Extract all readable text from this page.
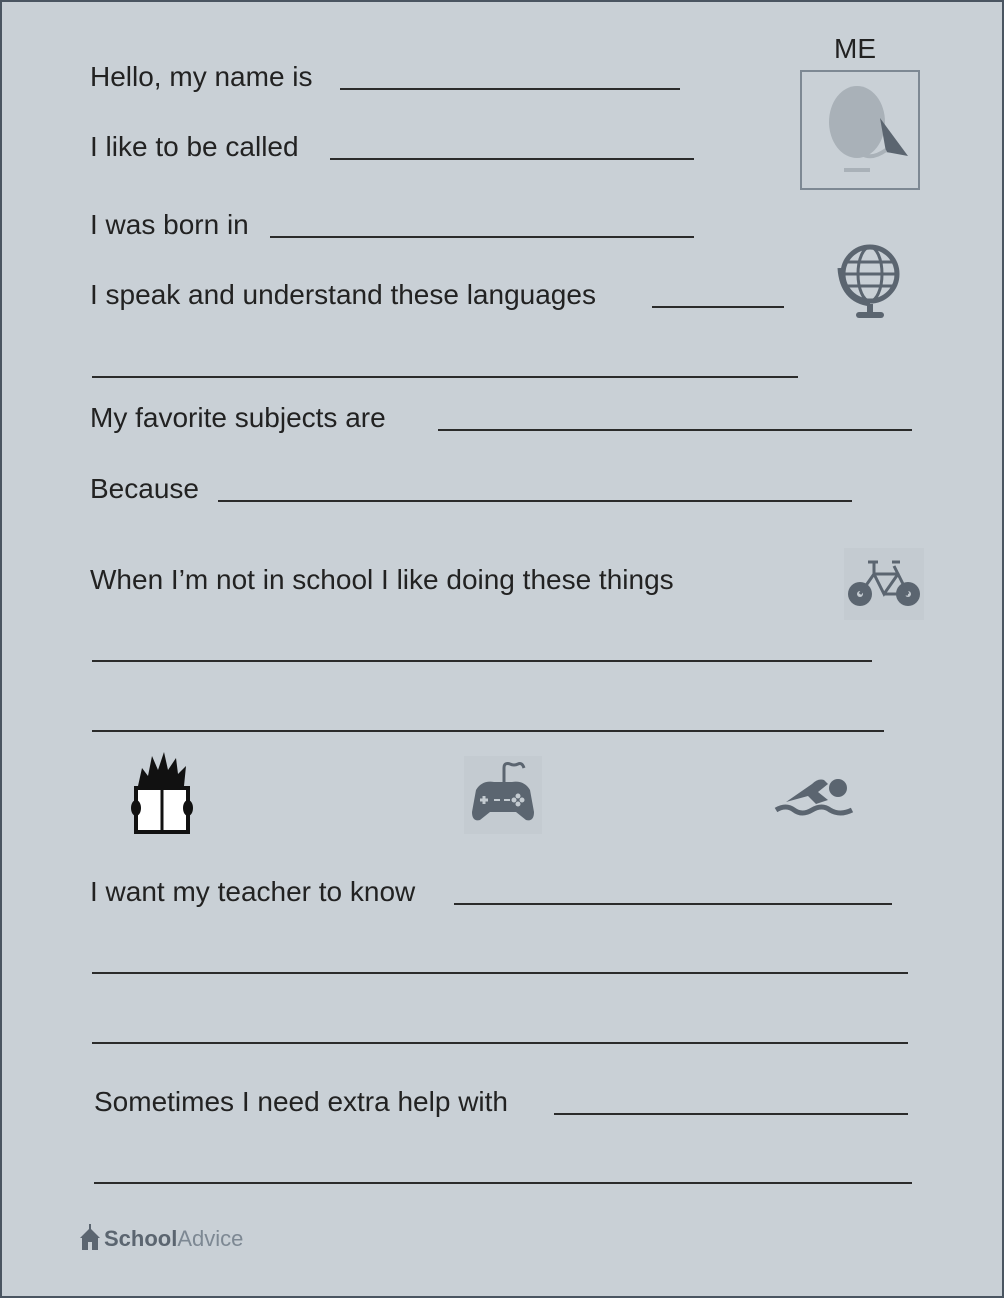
ME
Hello, my name is
I like to be called
I was born in
I speak and understand these languages
My favorite subjects are
Because
When I’m not in school I like doing these things
I want my teacher to know
Sometimes I need extra help with
SchoolAdvice
